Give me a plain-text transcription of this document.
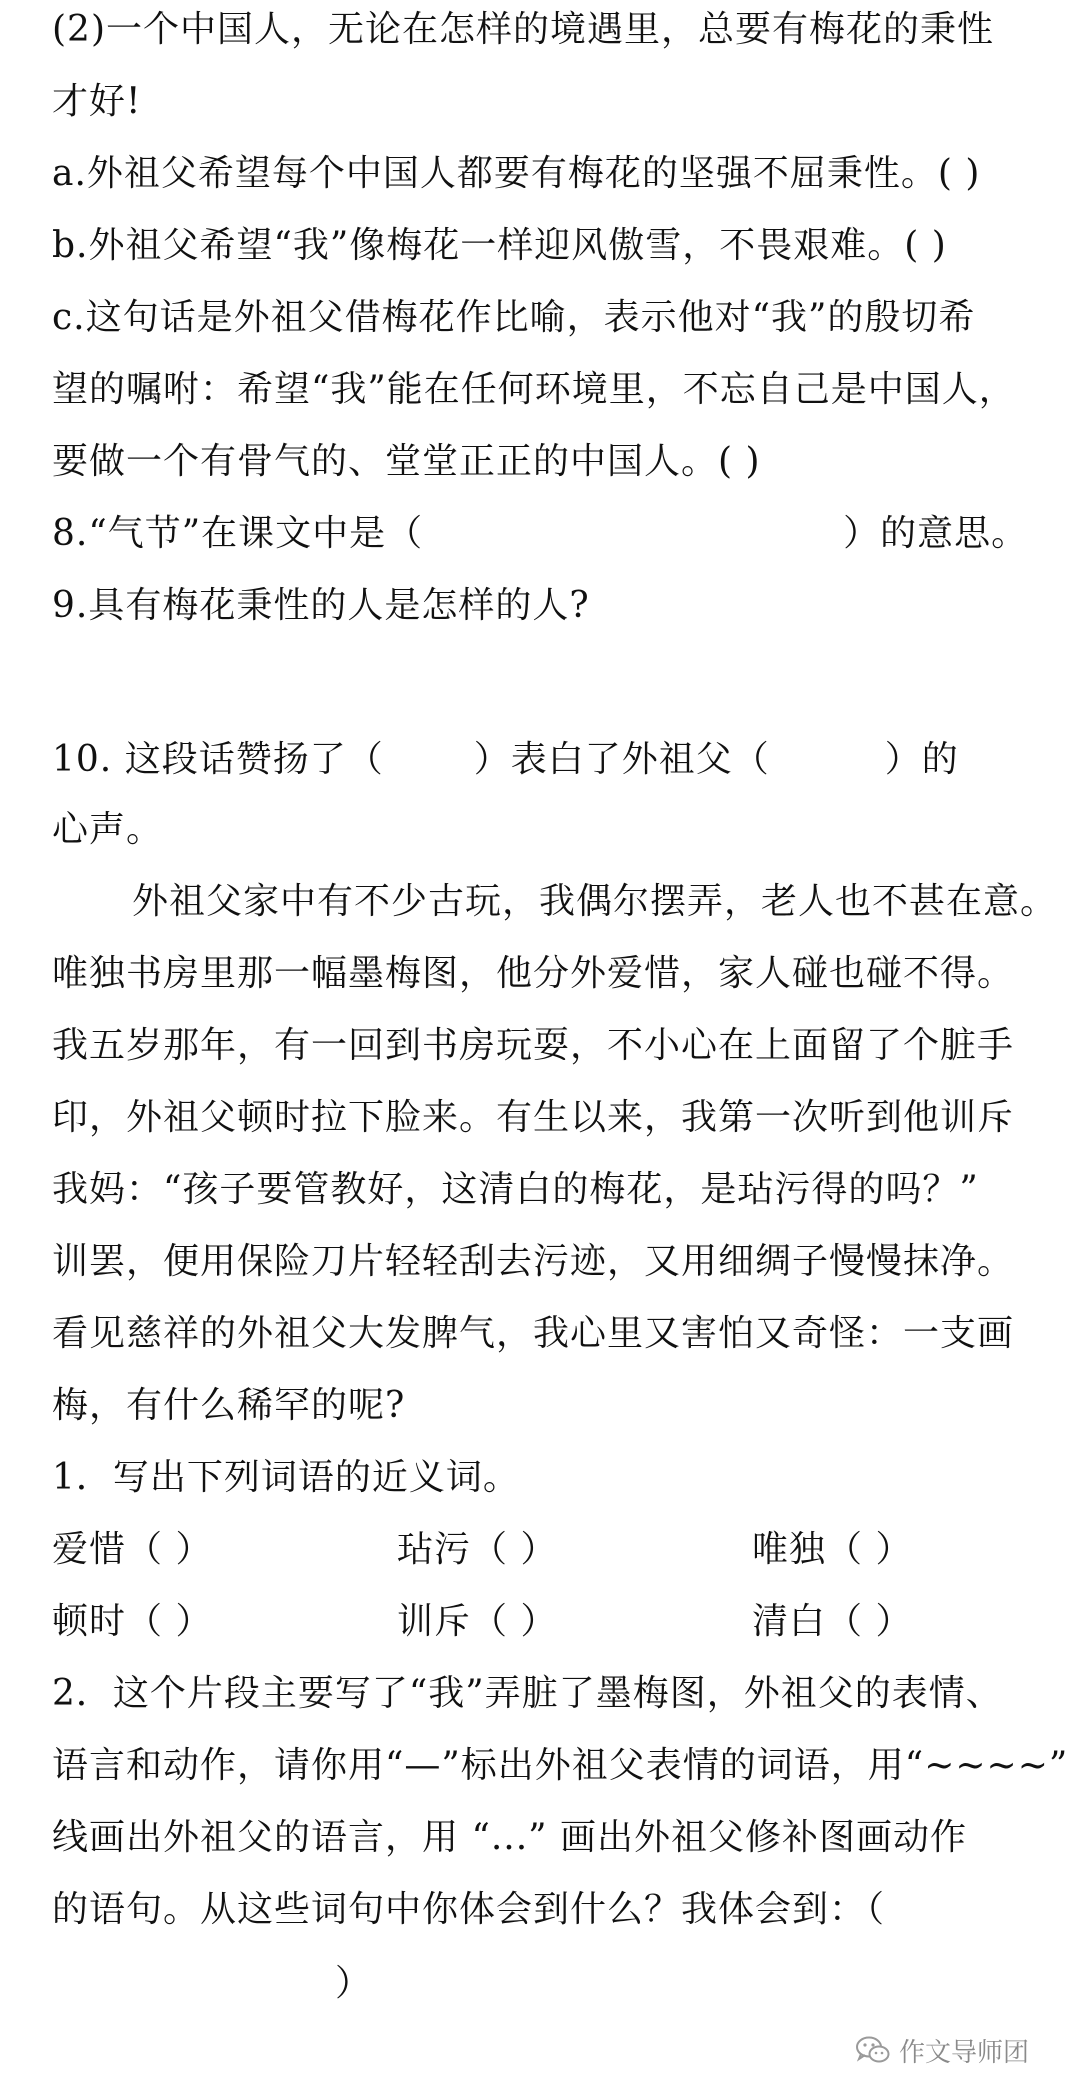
(2)一个中国人，无论在怎样的境遇里，总要有梅花的秉性
才好!
a.外祖父希望每个中国人都要有梅花的坚强不屈秉性。( )
b.外祖父希望“我”像梅花一样迎风傲雪，不畏艰难。( )
c.这句话是外祖父借梅花作比喻，表示他对“我”的殷切希
望的嘱咐：希望“我”能在任何环境里，不忘自己是中国人，
要做一个有骨气的、堂堂正正的中国人。( )
8.“气节”在课文中是（	）的意思。
9.具有梅花秉性的人是怎样的人?
10. 这段话赞扬了（	）表白了外祖父（	）的
心声。
外祖父家中有不少古玩，我偶尔摆弄，老人也不甚在意。
唯独书房里那一幅墨梅图，他分外爱惜，家人碰也碰不得。
我五岁那年，有一回到书房玩耍，不小心在上面留了个脏手
印，外祖父顿时拉下脸来。有生以来，我第一次听到他训斥
我妈：“孩子要管教好，这清白的梅花，是玷污得的吗？”
训罢，便用保险刀片轻轻刮去污迹，又用细绸子慢慢抹净。
看见慈祥的外祖父大发脾气，我心里又害怕又奇怪：一支画
梅，有什么稀罕的呢?
1．写出下列词语的近义词。
爱惜（ ）	玷污（ ）	唯独（ ）
顿时（ ）	训斥（ ）	清白（ ）
2．这个片段主要写了“我”弄脏了墨梅图，外祖父的表情、
语言和动作，请你用“—”标出外祖父表情的词语，用“~~~~”
线画出外祖父的语言，用 “...” 画出外祖父修补图画动作
的语句。从这些词句中你体会到什么？我体会到：（
）
作文导师团
